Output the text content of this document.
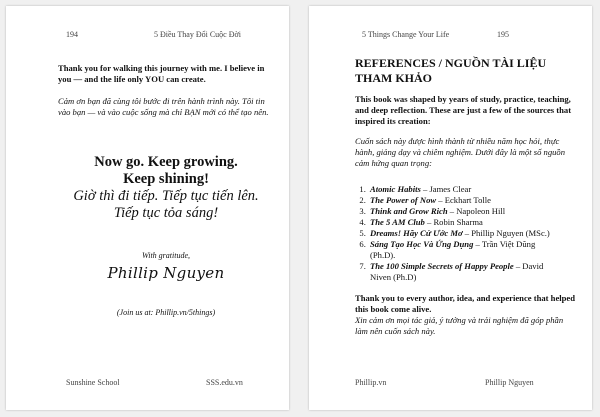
194	5 Điều Thay Đổi Cuộc Đời
Thank you for walking this journey with me. I believe in you — and the life only YOU can create.
Cảm ơn bạn đã cùng tôi bước đi trên hành trình này. Tôi tin vào bạn — và vào cuộc sống mà chỉ BẠN mới có thể tạo nên.
Now go. Keep growing.
Keep shining!
Giờ thì đi tiếp. Tiếp tục tiến lên.
Tiếp tục tỏa sáng!
With gratitude,
Phillip Nguyen
(Join us at: Phillip.vn/5things)
Sunshine School	SSS.edu.vn
5 Things Change Your Life	195
REFERENCES / NGUỒN TÀI LIỆU THAM KHẢO
This book was shaped by years of study, practice, teaching, and deep reflection. These are just a few of the sources that inspired its creation:
Cuốn sách này được hình thành từ nhiều năm học hỏi, thực hành, giảng dạy và chiêm nghiệm. Dưới đây là một số nguồn cảm hứng quan trọng:
1. Atomic Habits – James Clear
2. The Power of Now – Eckhart Tolle
3. Think and Grow Rich – Napoleon Hill
4. The 5 AM Club – Robin Sharma
5. Dreams! Hãy Cứ Ước Mơ – Phillip Nguyen (MSc.)
6. Sáng Tạo Học Và Ứng Dụng – Trần Việt Dũng (Ph.D).
7. The 100 Simple Secrets of Happy People – David Niven (Ph.D)
Thank you to every author, idea, and experience that helped this book come alive.
Xin cảm ơn mọi tác giả, ý tưởng và trải nghiệm đã góp phần làm nên cuốn sách này.
Phillip.vn	Phillip Nguyen
